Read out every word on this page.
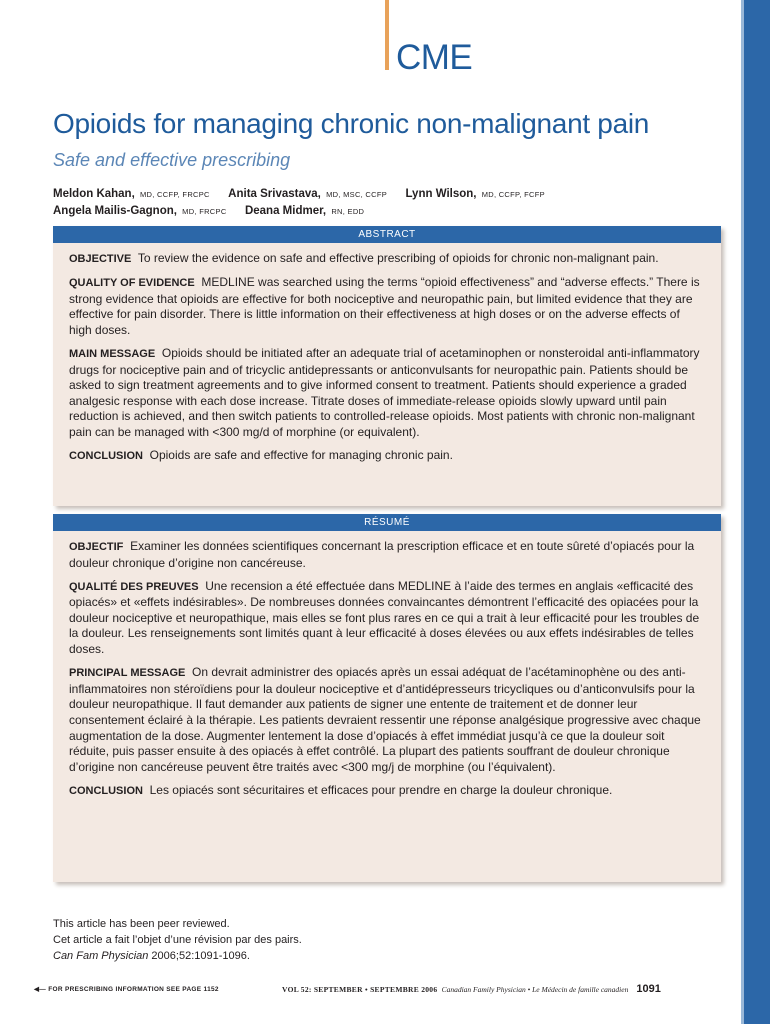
CME
Opioids for managing chronic non-malignant pain
Safe and effective prescribing
Meldon Kahan, MD, CCFP, FRCPC Anita Srivastava, MD, MSC, CCFP Lynn Wilson, MD, CCFP, FCFP
Angela Mailis-Gagnon, MD, FRCPC Deana Midmer, RN, EDD
ABSTRACT

OBJECTIVE To review the evidence on safe and effective prescribing of opioids for chronic non-malignant pain.

QUALITY OF EVIDENCE MEDLINE was searched using the terms “opioid effectiveness” and “adverse effects.” There is strong evidence that opioids are effective for both nociceptive and neuropathic pain, but limited evidence that they are effective for pain disorder. There is little information on their effectiveness at high doses or on the adverse effects of high doses.

MAIN MESSAGE Opioids should be initiated after an adequate trial of acetaminophen or nonsteroidal anti-inflammatory drugs for nociceptive pain and of tricyclic antidepressants or anticonvulsants for neuropathic pain. Patients should be asked to sign treatment agreements and to give informed consent to treatment. Patients should experience a graded analgesic response with each dose increase. Titrate doses of immediate-release opioids slowly upward until pain reduction is achieved, and then switch patients to controlled-release opioids. Most patients with chronic non-malignant pain can be managed with <300 mg/d of morphine (or equivalent).

CONCLUSION Opioids are safe and effective for managing chronic pain.

RÉSUMÉ

OBJECTIF Examiner les données scientifiques concernant la prescription efficace et en toute sûreté d’opiacés pour la douleur chronique d’origine non cancéreuse.

QUALITÉ DES PREUVES Une recension a été effectuée dans MEDLINE à l’aide des termes en anglais «efficacité des opiacés» et «effets indésirables». De nombreuses données convaincantes démontrent l’efficacité des opiacées pour la douleur nociceptive et neuropathique, mais elles se font plus rares en ce qui a trait à leur efficacité pour les troubles de la douleur. Les renseignements sont limités quant à leur efficacité à doses élevées ou aux effets indésirables de telles doses.

PRINCIPAL MESSAGE On devrait administrer des opiacés après un essai adéquat de l’acétaminophène ou des anti-inflammatoires non stéroïdiens pour la douleur nociceptive et d’antidépresseurs tricycliques ou d’anticonvulsifs pour la douleur neuropathique. Il faut demander aux patients de signer une entente de traitement et de donner leur consentement éclairé à la thérapie. Les patients devraient ressentir une réponse analgésique progressive avec chaque augmentation de la dose. Augmenter lentement la dose d’opiacés à effet immédiat jusqu’à ce que la douleur soit réduite, puis passer ensuite à des opiacés à effet contrôlé. La plupart des patients souffrant de douleur chronique d’origine non cancéreuse peuvent être traités avec <300 mg/j de morphine (ou l’équivalent).

CONCLUSION Les opiacés sont sécuritaires et efficaces pour prendre en charge la douleur chronique.

This article has been peer reviewed.
Cet article a fait l’objet d’une révision par des pairs.
Can Fam Physician 2006;52:1091-1096.
◀— FOR PRESCRIBING INFORMATION SEE PAGE 1152	VOL 52: SEPTEMBER • SEPTEMBRE 2006 Canadian Family Physician • Le Médecin de famille canadien 1091
